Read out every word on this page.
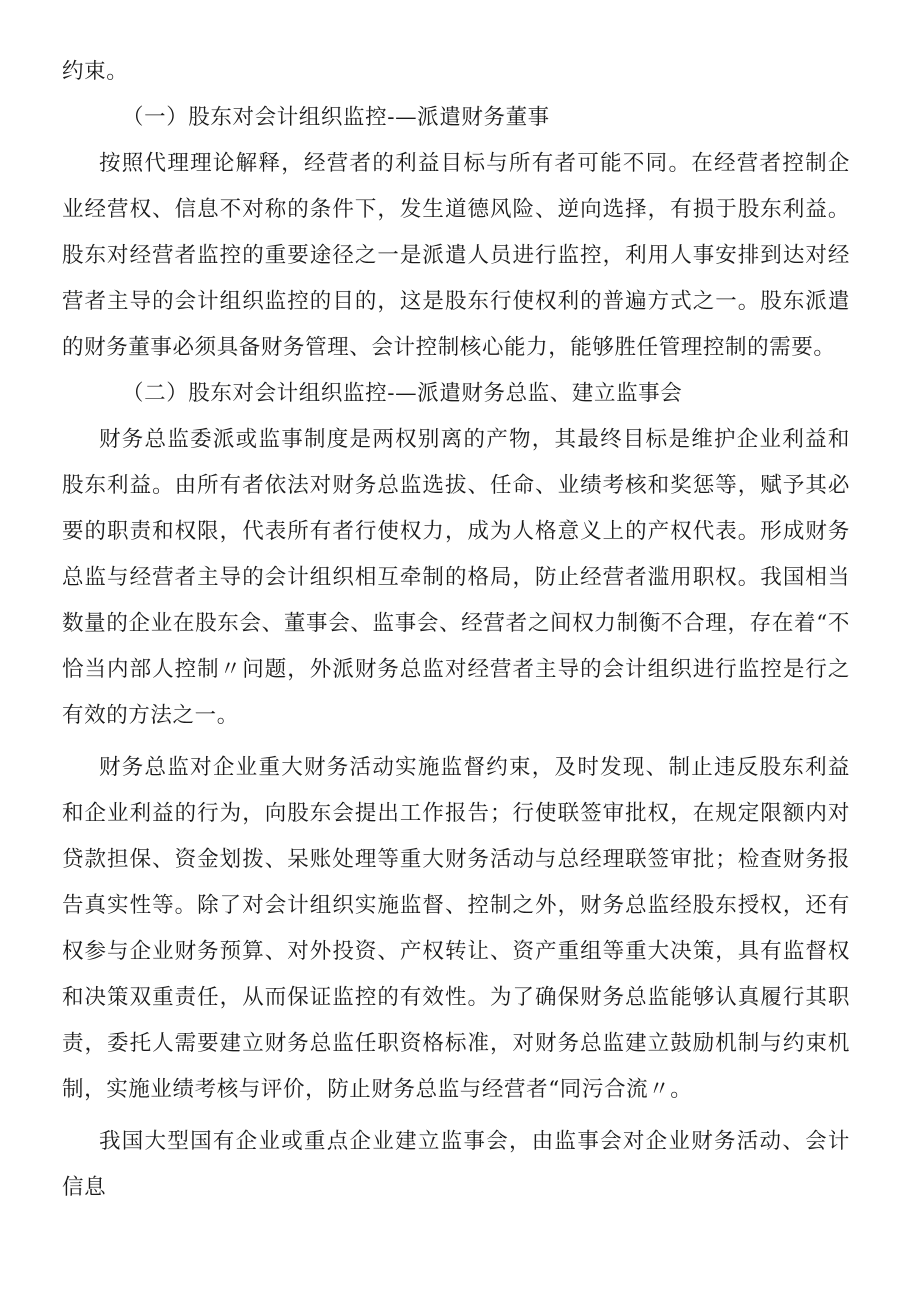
约束。

（一）股东对会计组织监控-—派遣财务董事

按照代理理论解释，经营者的利益目标与所有者可能不同。在经营者控制企业经营权、信息不对称的条件下，发生道德风险、逆向选择，有损于股东利益。股东对经营者监控的重要途径之一是派遣人员进行监控，利用人事安排到达对经营者主导的会计组织监控的目的，这是股东行使权利的普遍方式之一。股东派遣的财务董事必须具备财务管理、会计控制核心能力，能够胜任管理控制的需要。

（二）股东对会计组织监控-—派遣财务总监、建立监事会

财务总监委派或监事制度是两权别离的产物，其最终目标是维护企业利益和股东利益。由所有者依法对财务总监选拔、任命、业绩考核和奖惩等，赋予其必要的职责和权限，代表所有者行使权力，成为人格意义上的产权代表。形成财务总监与经营者主导的会计组织相互牵制的格局，防止经营者滥用职权。我国相当数量的企业在股东会、董事会、监事会、经营者之间权力制衡不合理，存在着“不恰当内部人控制〃问题，外派财务总监对经营者主导的会计组织进行监控是行之有效的方法之一。

财务总监对企业重大财务活动实施监督约束，及时发现、制止违反股东利益和企业利益的行为，向股东会提出工作报告；行使联签审批权，在规定限额内对贷款担保、资金划拨、呆账处理等重大财务活动与总经理联签审批；检查财务报告真实性等。除了对会计组织实施监督、控制之外，财务总监经股东授权，还有权参与企业财务预算、对外投资、产权转让、资产重组等重大决策，具有监督权和决策双重责任，从而保证监控的有效性。为了确保财务总监能够认真履行其职责，委托人需要建立财务总监任职资格标准，对财务总监建立鼓励机制与约束机制，实施业绩考核与评价，防止财务总监与经营者“同污合流〃。

我国大型国有企业或重点企业建立监事会，由监事会对企业财务活动、会计信息
